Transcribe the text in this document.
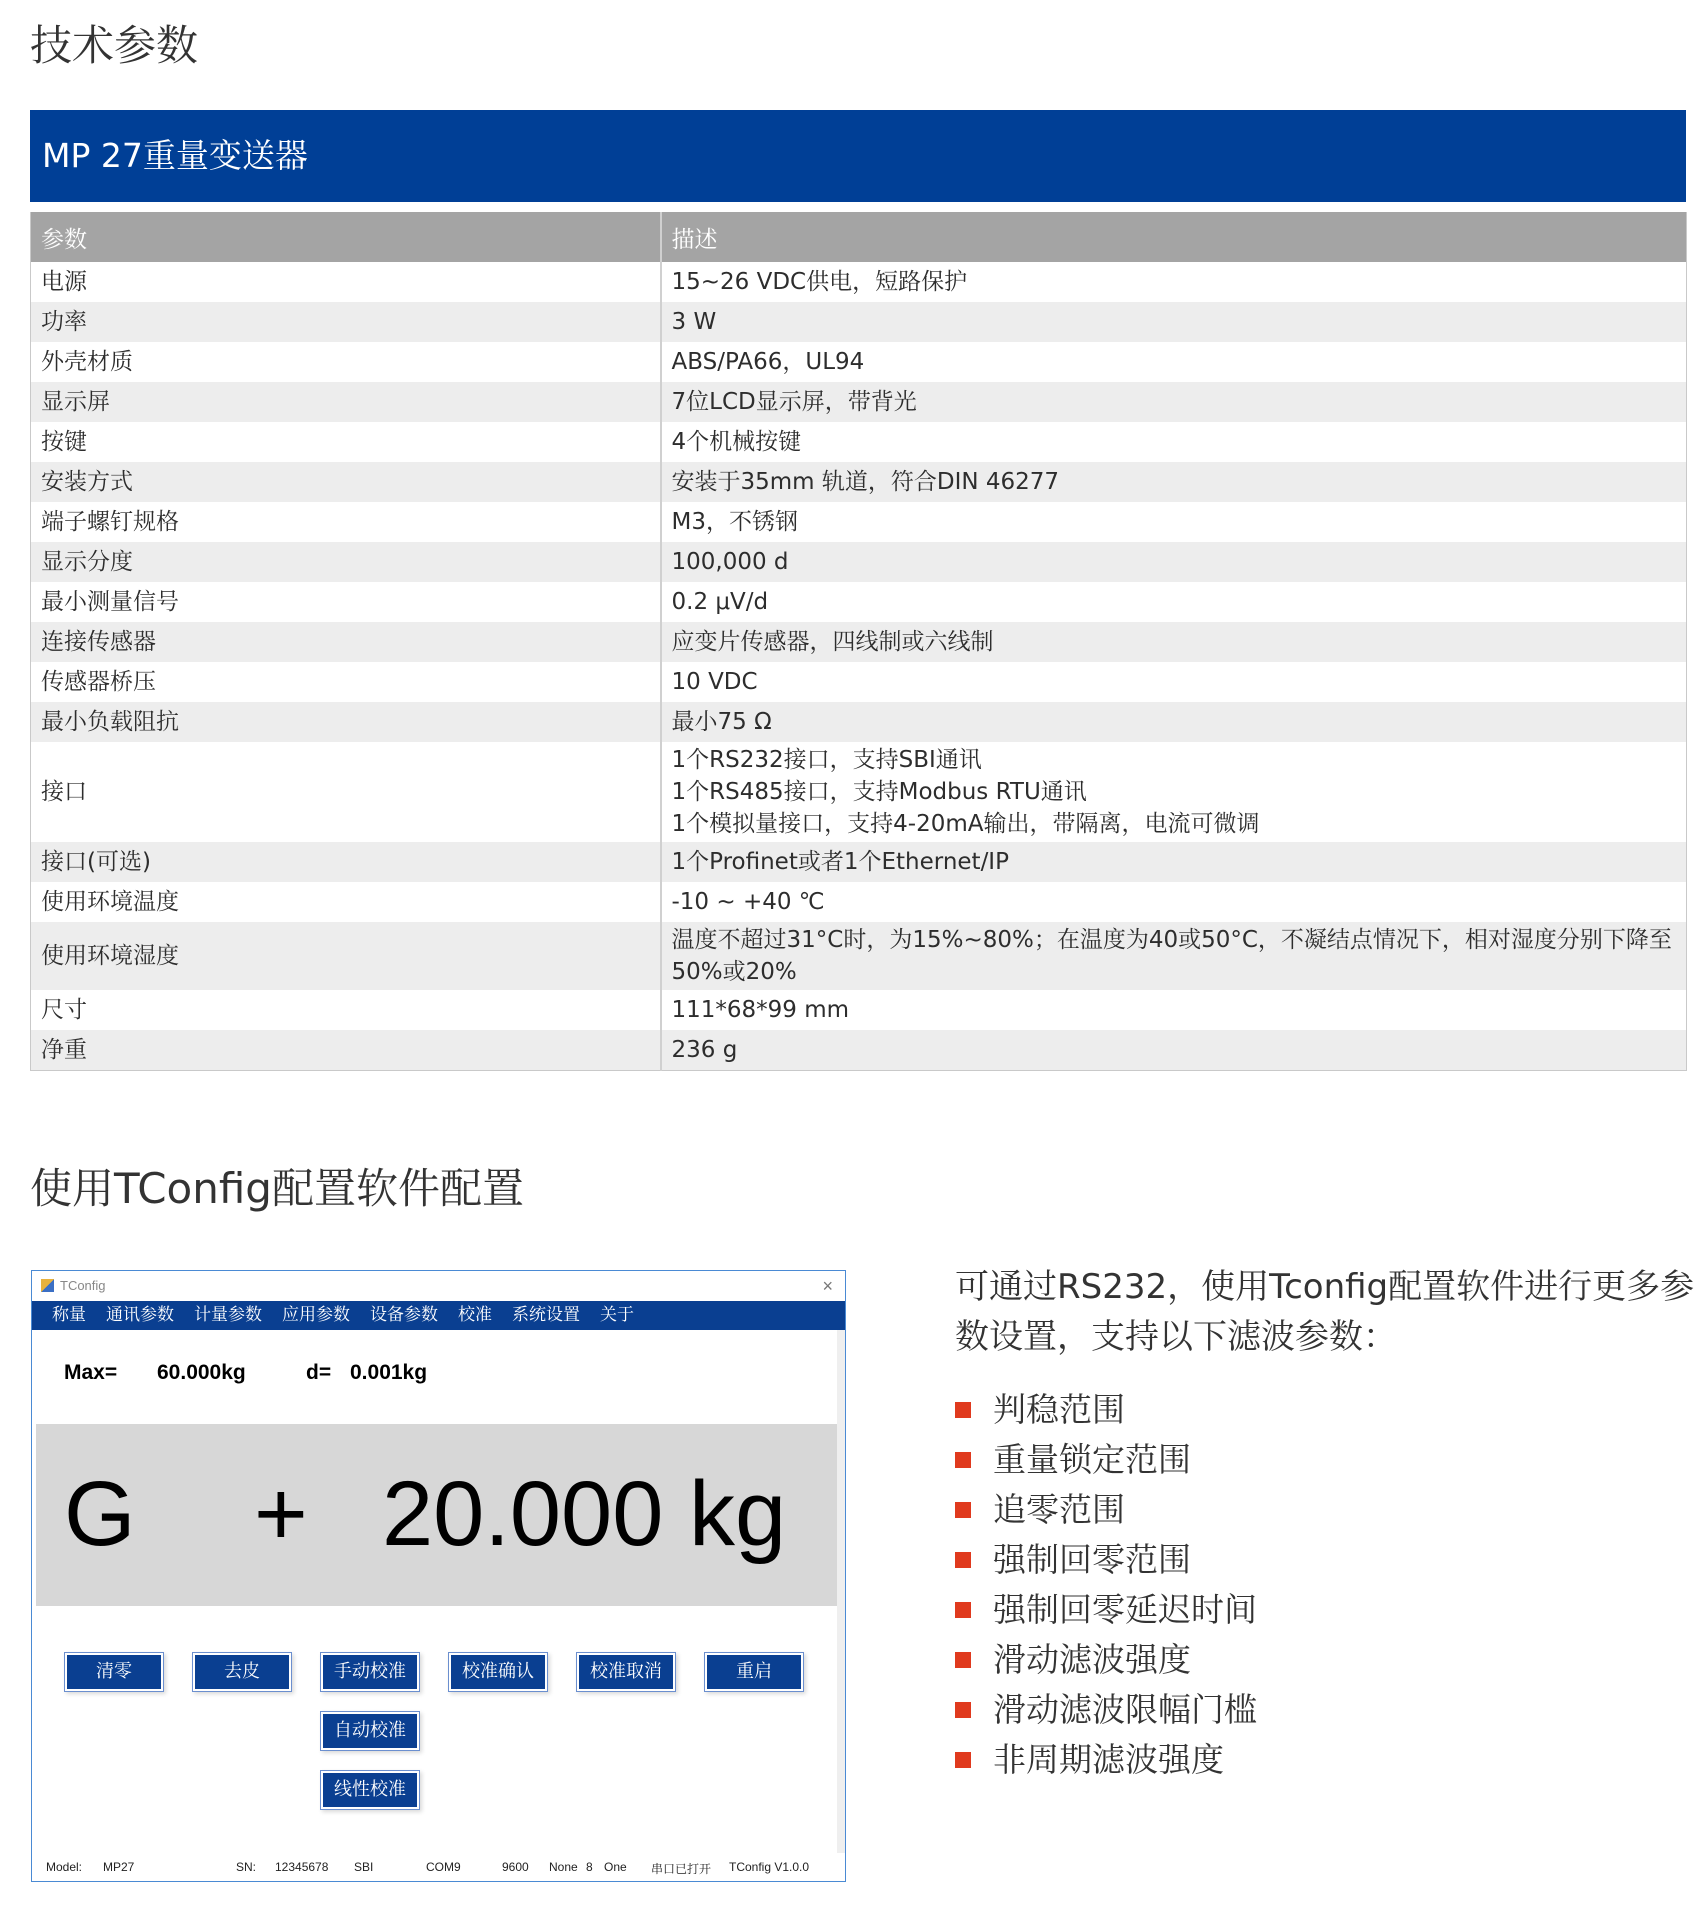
技术参数
MP 27重量变送器
参数	描述
电源	15~26 VDC供电，短路保护

功率	3 W

外壳材质	ABS/PA66，UL94

显示屏	7位LCD显示屏，带背光

按键	4个机械按键

安装方式	安装于35mm 轨道，符合DIN 46277

端子螺钉规格	M3，不锈钢

显示分度	100,000 d

最小测量信号	0.2 μV/d

连接传感器	应变片传感器，四线制或六线制

传感器桥压	10 VDC

最小负载阻抗	最小75 Ω

接口	1个RS232接口，支持SBI通讯
1个RS485接口，支持Modbus RTU通讯
1个模拟量接口，支持4-20mA输出，带隔离，电流可微调

接口(可选)	1个Profinet或者1个Ethernet/IP

使用环境温度	-10 ~ +40 ℃

使用环境湿度	温度不超过31°C时，为15%~80%；在温度为40或50°C，不凝结点情况下，相对湿度分别下降至
50%或20%

尺寸	111*68*99 mm

净重	236 g
使用TConfig配置软件配置
TConfig	×
称量 通讯参数 计量参数 应用参数 设备参数 校准 系统设置 关于
Max= 60.000kg	d= 0.001kg
G + 20.000 kg
清零	去皮	手动校准	校准确认	校准取消	重启
自动校准
线性校准
Model: MP27	SN: 12345678 SBI	COM9	9600 None 8 One 串口已打开 TConfig V1.0.0
可通过RS232，使用Tconfig配置软件进行更多参数设置，支持以下滤波参数：
判稳范围
重量锁定范围
追零范围
强制回零范围
强制回零延迟时间
滑动滤波强度
滑动滤波限幅门槛
非周期滤波强度
